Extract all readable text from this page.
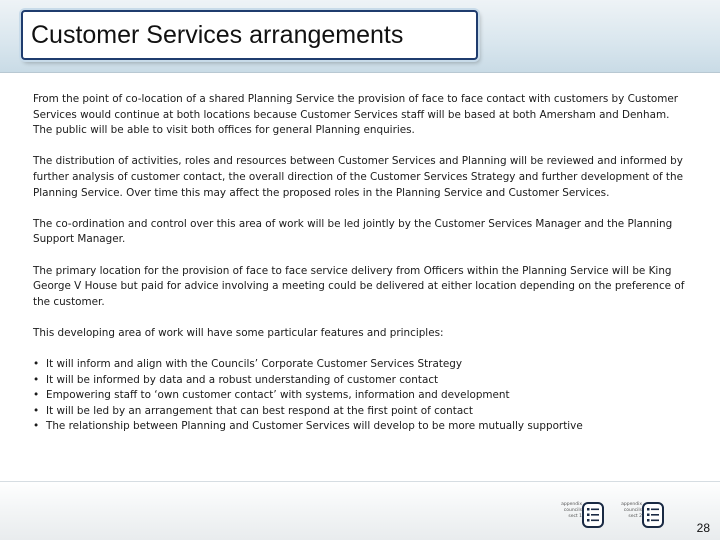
Customer Services arrangements

From the point of co-location of a shared Planning Service the provision of face to face contact with customers by Customer Services would continue at both locations because Customer Services staff will be based at both Amersham and Denham. The public will be able to visit both offices for general Planning enquiries.

The distribution of activities, roles and resources between Customer Services and Planning will be reviewed and informed by further analysis of customer contact, the overall direction of the Customer Services Strategy and further development of the Planning Service. Over time this may affect the proposed roles in the Planning Service and Customer Services.

The co-ordination and control over this area of work will be led jointly by the Customer Services Manager and the Planning Support Manager.

The primary location for the provision of face to face service delivery from Officers within the Planning Service will be King George V House but paid for advice involving a meeting could be delivered at either location depending on the preference of the customer.

This developing area of work will have some particular features and principles:

• It will inform and align with the Councils’ Corporate Customer Services Strategy
• It will be informed by data and a robust understanding of customer contact
• Empowering staff to ‘own customer contact’ with systems, information and development
• It will be led by an arrangement that can best respond at the first point of contact
• The relationship between Planning and Customer Services will develop to be more mutually supportive
appendix
councils
sect 1
appendix
councils
sect 2
28
